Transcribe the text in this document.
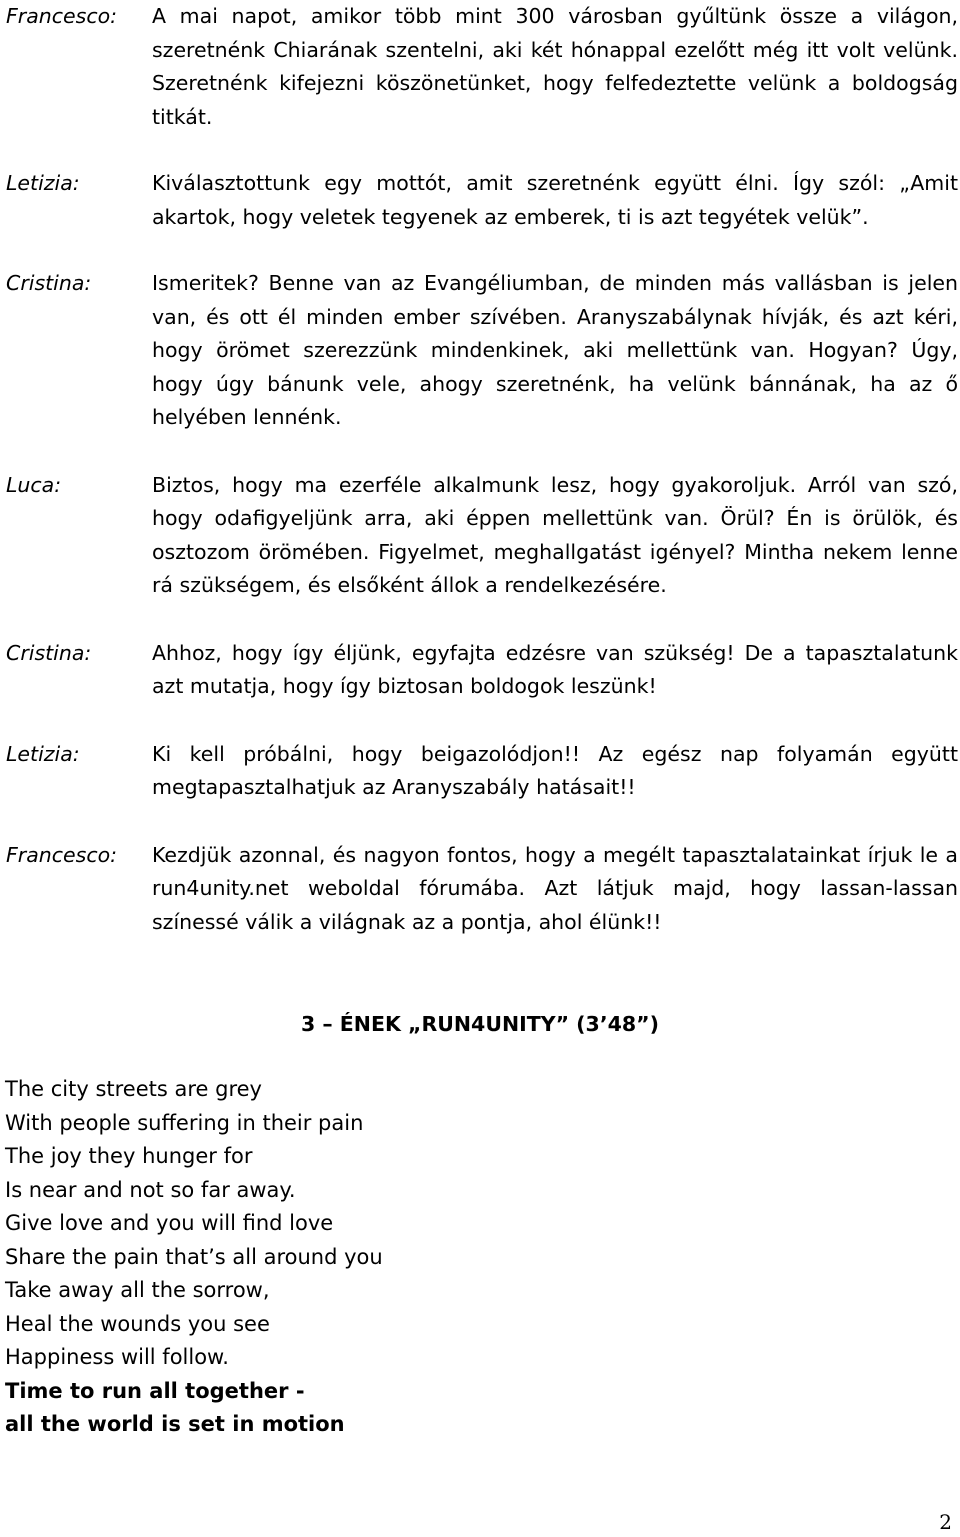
Francesco:	A mai napot, amikor több mint 300 városban gyűltünk össze a világon, szeretnénk Chiarának szentelni, aki két hónappal ezelőtt még itt volt velünk. Szeretnénk kifejezni köszönetünket, hogy felfedeztette velünk a boldogság titkát.
Letizia:	Kiválasztottunk egy mottót, amit szeretnénk együtt élni. Így szól: „Amit akartok, hogy veletek tegyenek az emberek, ti is azt tegyétek velük”.
Cristina:	Ismeritek? Benne van az Evangéliumban, de minden más vallásban is jelen van, és ott él minden ember szívében. Aranyszabálynak hívják, és azt kéri, hogy örömet szerezzünk mindenkinek, aki mellettünk van. Hogyan? Úgy, hogy úgy bánunk vele, ahogy szeretnénk, ha velünk bánnának, ha az ő helyében lennénk.
Luca:	Biztos, hogy ma ezerféle alkalmunk lesz, hogy gyakoroljuk. Arról van szó, hogy odafigyeljünk arra, aki éppen mellettünk van. Örül? Én is örülök, és osztozom örömében. Figyelmet, meghallgatást igényel? Mintha nekem lenne rá szükségem, és elsőként állok a rendelkezésére.
Cristina:	Ahhoz, hogy így éljünk, egyfajta edzésre van szükség! De a tapasztalatunk azt mutatja, hogy így biztosan boldogok leszünk!
Letizia:	Ki kell próbálni, hogy beigazolódjon!! Az egész nap folyamán együtt megtapasztalhatjuk az Aranyszabály hatásait!!
Francesco:	Kezdjük azonnal, és nagyon fontos, hogy a megélt tapasztalatainkat írjuk le a run4unity.net weboldal fórumába. Azt látjuk majd, hogy lassan-lassan színessé válik a világnak az a pontja, ahol élünk!!
3 – ÉNEK „RUN4UNITY” (3’48”)
The city streets are grey
With people suffering in their pain
The joy they hunger for
Is near and not so far away.
Give love and you will find love
Share the pain that’s all around you
Take away all the sorrow,
Heal the wounds you see
Happiness will follow.
Time to run all together -
all the world is set in motion
2
